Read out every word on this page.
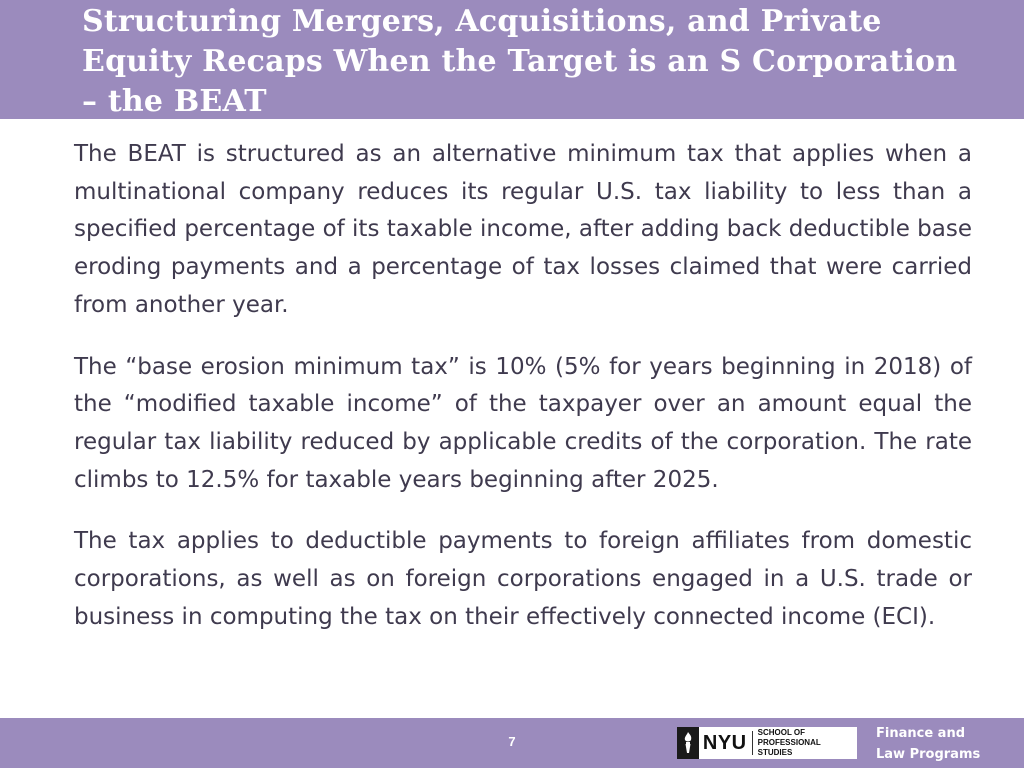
Structuring Mergers, Acquisitions, and Private Equity Recaps When the Target is an S Corporation – the BEAT

The BEAT is structured as an alternative minimum tax that applies when a multinational company reduces its regular U.S. tax liability to less than a specified percentage of its taxable income, after adding back deductible base eroding payments and a percentage of tax losses claimed that were carried from another year.

The “base erosion minimum tax” is 10% (5% for years beginning in 2018) of the “modified taxable income” of the taxpayer over an amount equal the regular tax liability reduced by applicable credits of the corporation. The rate climbs to 12.5% for taxable years beginning after 2025.

The tax applies to deductible payments to foreign affiliates from domestic corporations, as well as on foreign corporations engaged in a U.S. trade or business in computing the tax on their effectively connected income (ECI).

7	NYU SCHOOL OF
PROFESSIONAL STUDIES
Finance and
Law Programs
